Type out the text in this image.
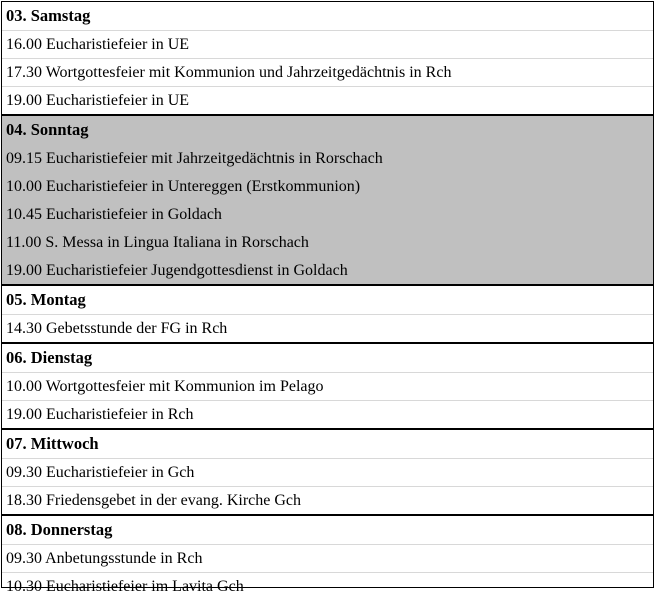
03. Samstag
16.00 Eucharistiefeier in UE
17.30 Wortgottesfeier mit Kommunion und Jahrzeitgedächtnis in Rch
19.00 Eucharistiefeier in UE
04. Sonntag
09.15 Eucharistiefeier mit Jahrzeitgedächtnis in Rorschach
10.00 Eucharistiefeier in Untereggen (Erstkommunion)
10.45 Eucharistiefeier in Goldach
11.00 S. Messa in Lingua Italiana in Rorschach
19.00 Eucharistiefeier Jugendgottesdienst in Goldach
05. Montag
14.30 Gebetsstunde der FG in Rch
06. Dienstag
10.00 Wortgottesfeier mit Kommunion im Pelago
19.00 Eucharistiefeier in Rch
07. Mittwoch
09.30 Eucharistiefeier in Gch
18.30 Friedensgebet in der evang. Kirche Gch
08. Donnerstag
09.30 Anbetungsstunde in Rch
10.30 Eucharistiefeier im Lavita Gch
